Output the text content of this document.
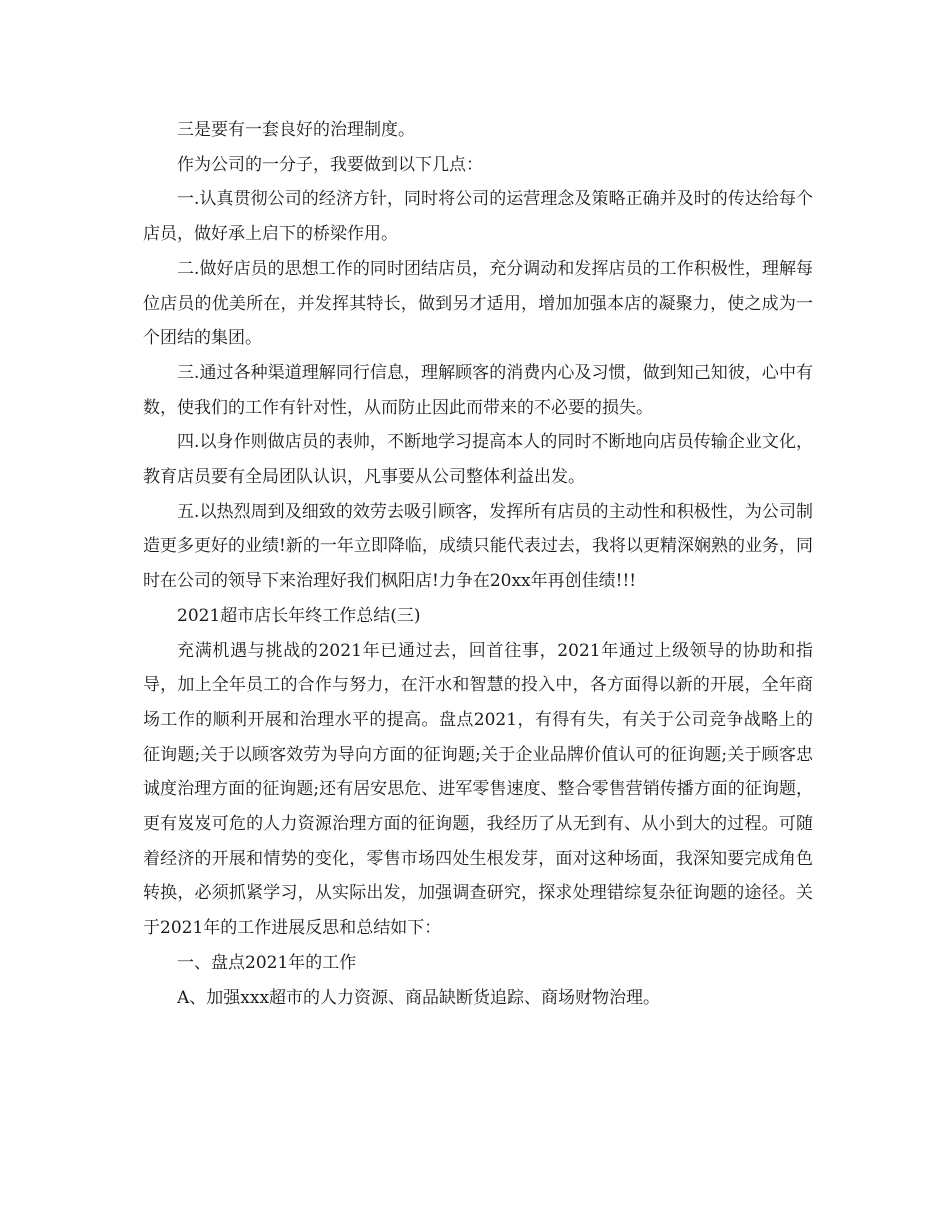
三是要有一套良好的治理制度。

作为公司的一分子，我要做到以下几点：

一.认真贯彻公司的经济方针，同时将公司的运营理念及策略正确并及时的传达给每个店员，做好承上启下的桥梁作用。

二.做好店员的思想工作的同时团结店员，充分调动和发挥店员的工作积极性，理解每位店员的优美所在，并发挥其特长，做到另才适用，增加加强本店的凝聚力，使之成为一个团结的集团。

三.通过各种渠道理解同行信息，理解顾客的消费内心及习惯，做到知己知彼，心中有数，使我们的工作有针对性，从而防止因此而带来的不必要的损失。

四.以身作则做店员的表帅，不断地学习提高本人的同时不断地向店员传输企业文化，教育店员要有全局团队认识，凡事要从公司整体利益出发。

五.以热烈周到及细致的效劳去吸引顾客，发挥所有店员的主动性和积极性，为公司制造更多更好的业绩!新的一年立即降临，成绩只能代表过去，我将以更精深娴熟的业务，同时在公司的领导下来治理好我们枫阳店!力争在20xx年再创佳绩!!!

2021超市店长年终工作总结(三)

充满机遇与挑战的2021年已通过去，回首往事，2021年通过上级领导的协助和指导，加上全年员工的合作与努力，在汗水和智慧的投入中，各方面得以新的开展，全年商场工作的顺利开展和治理水平的提高。盘点2021，有得有失，有关于公司竞争战略上的征询题;关于以顾客效劳为导向方面的征询题;关于企业品牌价值认可的征询题;关于顾客忠诚度治理方面的征询题;还有居安思危、进军零售速度、整合零售营销传播方面的征询题，更有岌岌可危的人力资源治理方面的征询题，我经历了从无到有、从小到大的过程。可随着经济的开展和情势的变化，零售市场四处生根发芽，面对这种场面，我深知要完成角色转换，必须抓紧学习，从实际出发，加强调查研究，探求处理错综复杂征询题的途径。关于2021年的工作进展反思和总结如下：

一、盘点2021年的工作

A、加强xxx超市的人力资源、商品缺断货追踪、商场财物治理。
